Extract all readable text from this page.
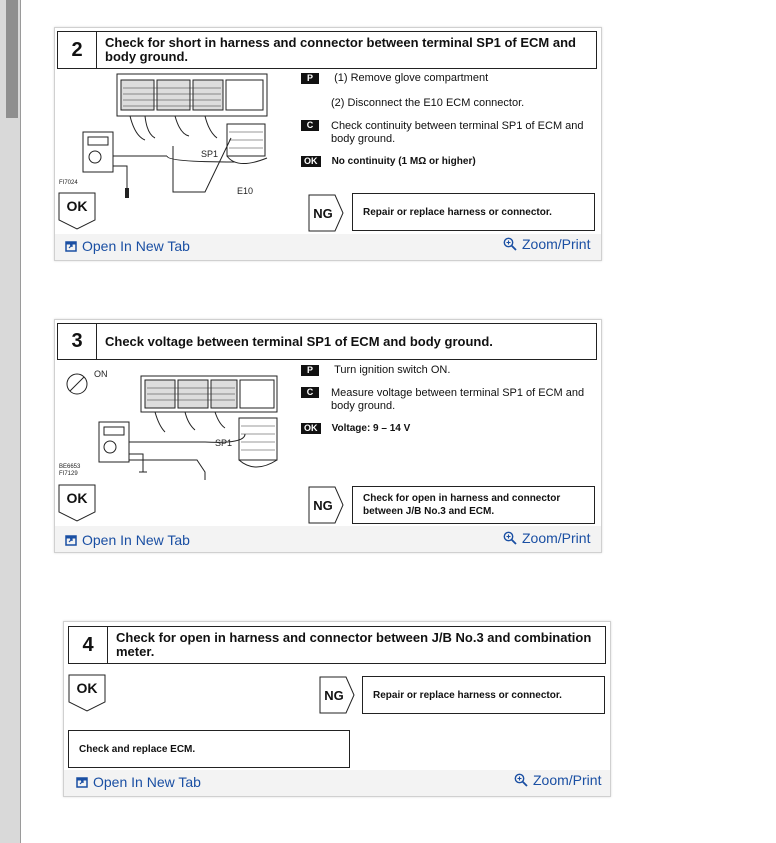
2	Check for short in harness and connector between terminal SP1 of ECM and body ground.
SP1
E10
FI7024
P (1) Remove glove compartment
(2) Disconnect the E10 ECM connector.
C	Check continuity between terminal SP1 of ECM and body ground.
OK No continuity (1 MΩ or higher)
OK	NG	Repair or replace harness or connector.
Open In New Tab	Zoom/Print
3	Check voltage between terminal SP1 of ECM and body ground.
ON
SP1
BE6653
FI7129
P Turn ignition switch ON.
C	Measure voltage between terminal SP1 of ECM and body ground.
OK Voltage: 9 – 14 V
OK	NG	Check for open in harness and connector between J/B No.3 and ECM.
Open In New Tab	Zoom/Print
4	Check for open in harness and connector between J/B No.3 and combination meter.
OK	NG	Repair or replace harness or connector.
Check and replace ECM.
Open In New Tab	Zoom/Print
